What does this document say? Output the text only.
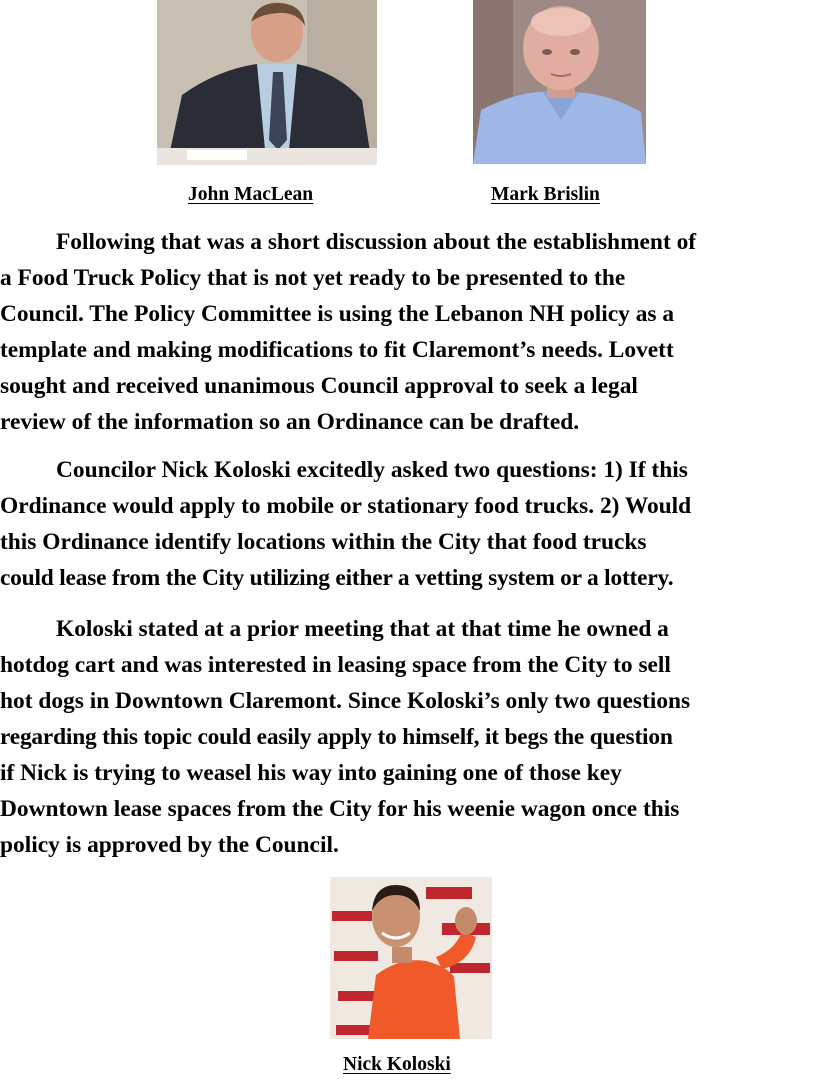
John MacLean	Mark Brislin
Following that was a short discussion about the establishment of
a Food Truck Policy that is not yet ready to be presented to the
Council. The Policy Committee is using the Lebanon NH policy as a
template and making modifications to fit Claremont’s needs. Lovett
sought and received unanimous Council approval to seek a legal
review of the information so an Ordinance can be drafted.
Councilor Nick Koloski excitedly asked two questions: 1) If this
Ordinance would apply to mobile or stationary food trucks. 2) Would
this Ordinance identify locations within the City that food trucks
could lease from the City utilizing either a vetting system or a lottery.
Koloski stated at a prior meeting that at that time he owned a
hotdog cart and was interested in leasing space from the City to sell
hot dogs in Downtown Claremont. Since Koloski’s only two questions
regarding this topic could easily apply to himself, it begs the question
if Nick is trying to weasel his way into gaining one of those key
Downtown lease spaces from the City for his weenie wagon once this
policy is approved by the Council.
Nick Koloski
